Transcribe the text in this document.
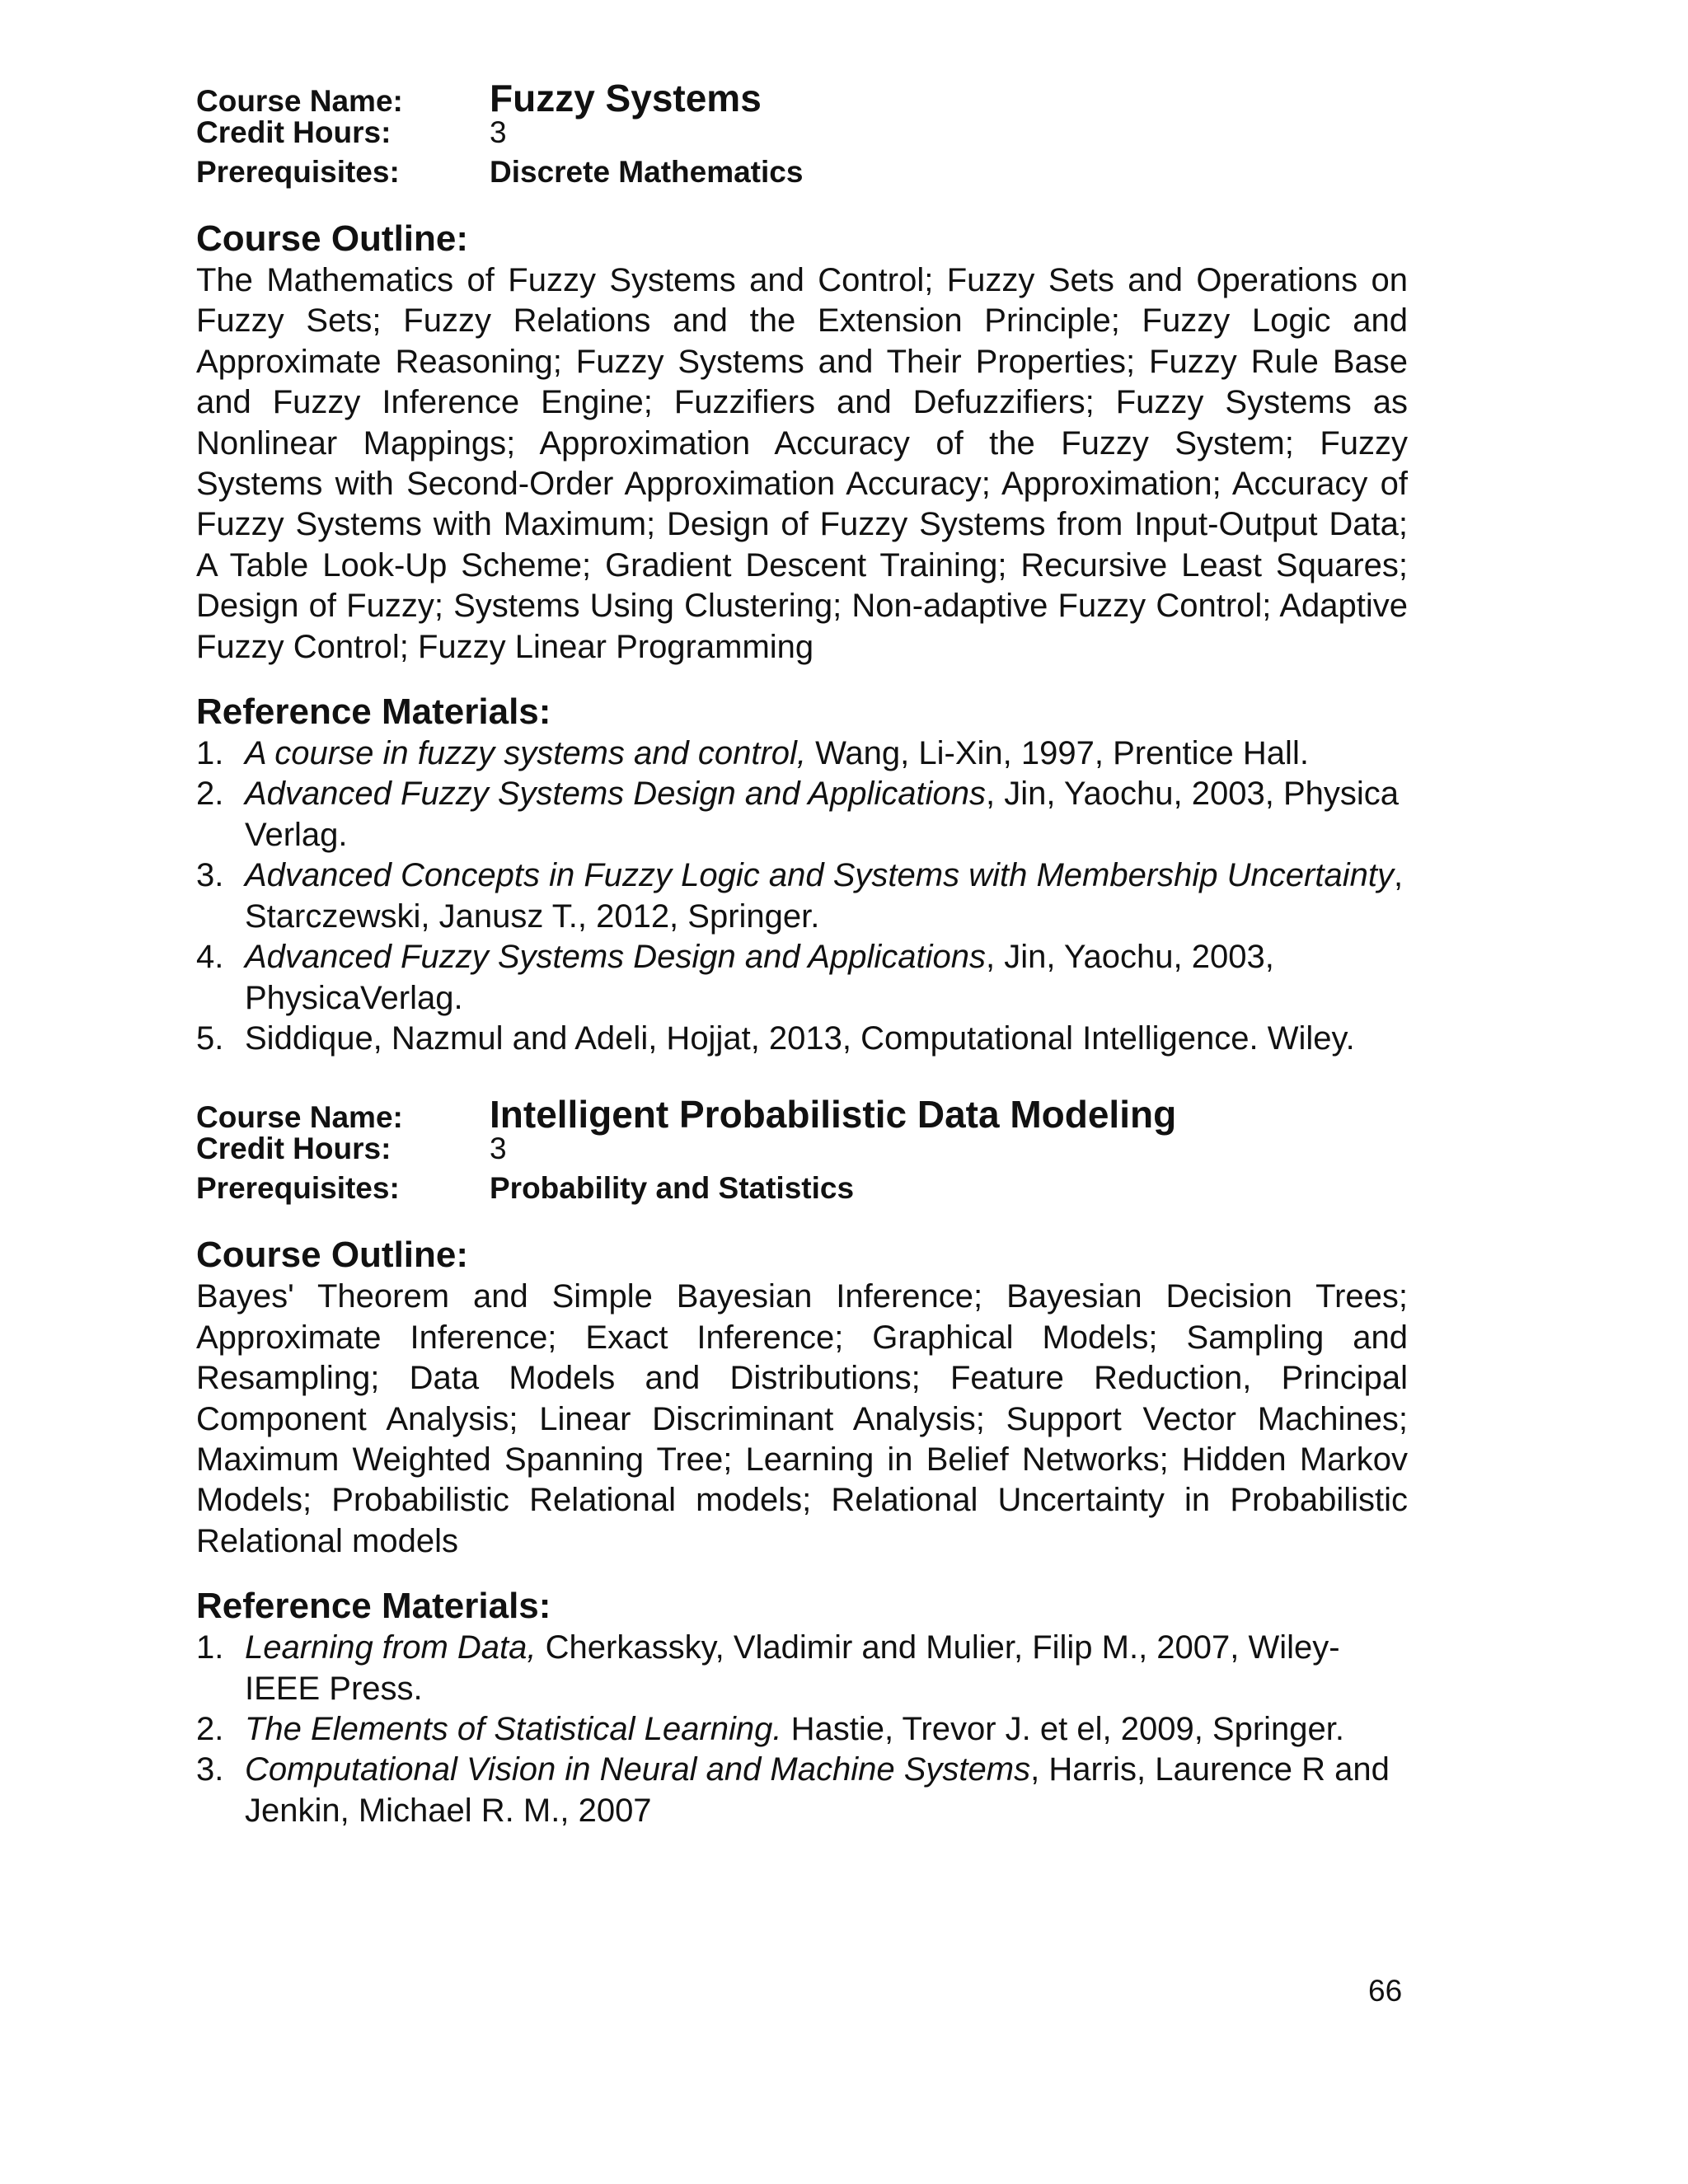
Course Name:	Fuzzy Systems
Credit Hours:	3
Prerequisites:	Discrete Mathematics
Course Outline:

The Mathematics of Fuzzy Systems and Control; Fuzzy Sets and Operations on Fuzzy Sets; Fuzzy Relations and the Extension Principle; Fuzzy Logic and Approximate Reasoning; Fuzzy Systems and Their Properties; Fuzzy Rule Base and Fuzzy Inference Engine; Fuzzifiers and Defuzzifiers; Fuzzy Systems as Nonlinear Mappings; Approximation Accuracy of the Fuzzy System; Fuzzy Systems with Second-Order Approximation Accuracy; Approximation; Accuracy of Fuzzy Systems with Maximum; Design of Fuzzy Systems from Input-Output Data; A Table Look-Up Scheme; Gradient Descent Training; Recursive Least Squares; Design of Fuzzy; Systems Using Clustering; Non-adaptive Fuzzy Control; Adaptive Fuzzy Control; Fuzzy Linear Programming

Reference Materials:
1. A course in fuzzy systems and control, Wang, Li-Xin, 1997, Prentice Hall.
2. Advanced Fuzzy Systems Design and Applications, Jin, Yaochu, 2003, Physica Verlag.
3. Advanced Concepts in Fuzzy Logic and Systems with Membership Uncertainty, Starczewski, Janusz T., 2012, Springer.
4. Advanced Fuzzy Systems Design and Applications, Jin, Yaochu, 2003, PhysicaVerlag.
5. Siddique, Nazmul and Adeli, Hojjat, 2013, Computational Intelligence. Wiley.
Course Name:	Intelligent Probabilistic Data Modeling
Credit Hours:	3
Prerequisites:	Probability and Statistics
Course Outline:

Bayes' Theorem and Simple Bayesian Inference; Bayesian Decision Trees; Approximate Inference; Exact Inference; Graphical Models; Sampling and Resampling; Data Models and Distributions; Feature Reduction, Principal Component Analysis; Linear Discriminant Analysis; Support Vector Machines; Maximum Weighted Spanning Tree; Learning in Belief Networks; Hidden Markov Models; Probabilistic Relational models; Relational Uncertainty in Probabilistic Relational models

Reference Materials:
1. Learning from Data, Cherkassky, Vladimir and Mulier, Filip M., 2007, Wiley-IEEE Press.
2. The Elements of Statistical Learning. Hastie, Trevor J. et el, 2009, Springer.
3. Computational Vision in Neural and Machine Systems, Harris, Laurence R and Jenkin, Michael R. M., 2007
66
